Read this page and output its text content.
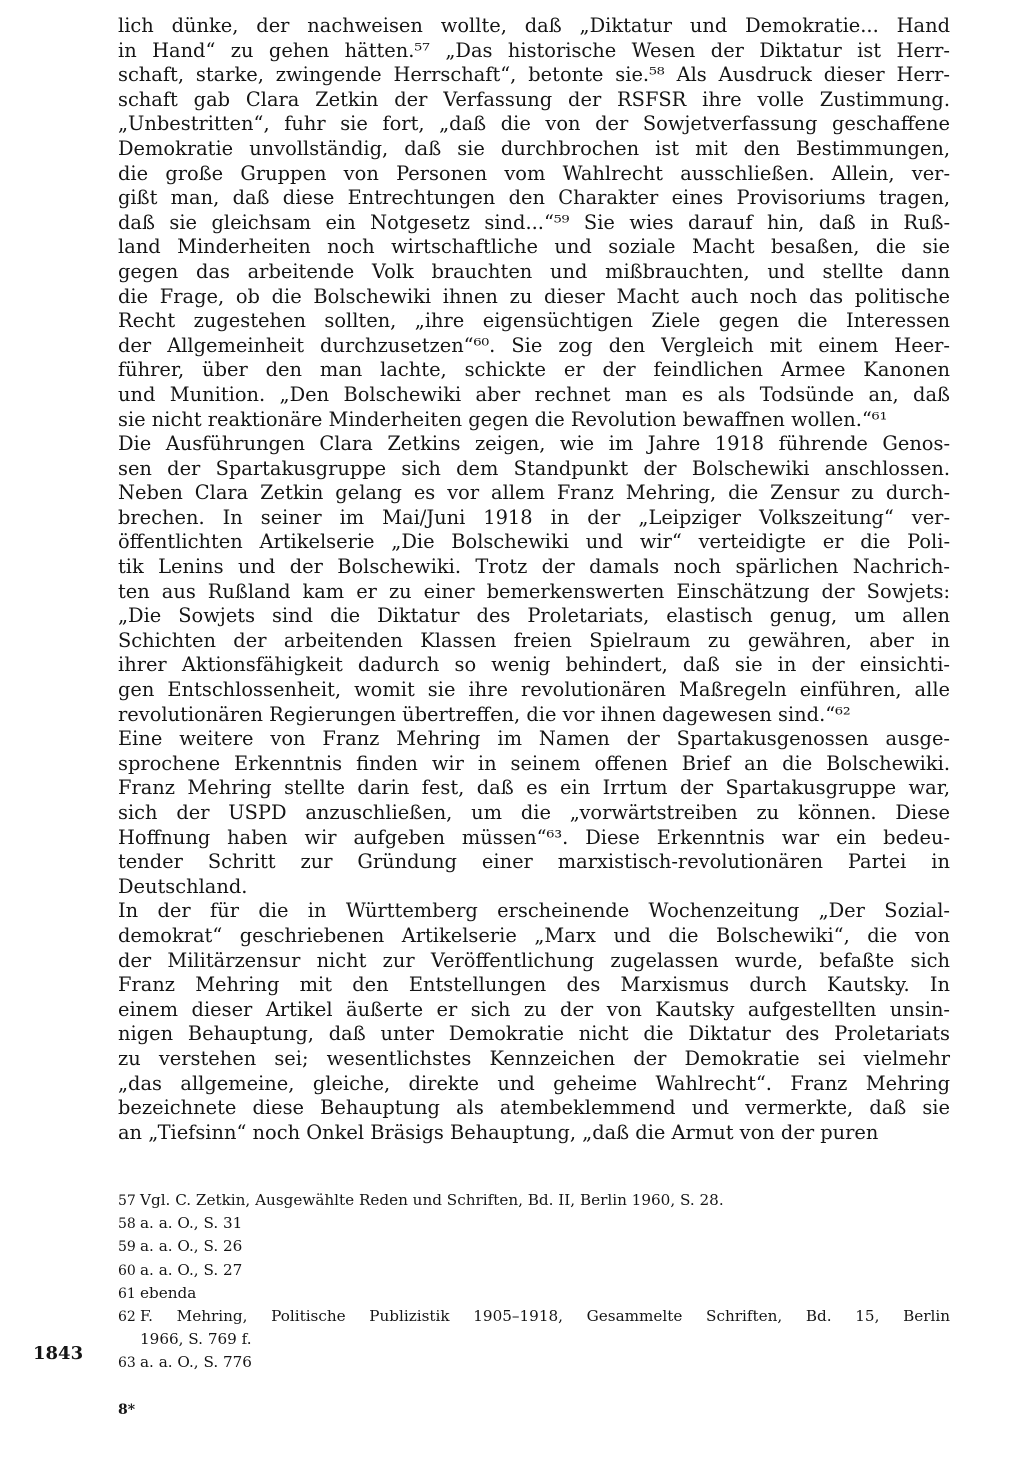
lich dünke, der nachweisen wollte, daß „Diktatur und Demokratie... Hand
in Hand“ zu gehen hätten.⁵⁷ „Das historische Wesen der Diktatur ist Herr-
schaft, starke, zwingende Herrschaft“, betonte sie.⁵⁸ Als Ausdruck dieser Herr-
schaft gab Clara Zetkin der Verfassung der RSFSR ihre volle Zustimmung.
„Unbestritten“, fuhr sie fort, „daß die von der Sowjetverfassung geschaffene
Demokratie unvollständig, daß sie durchbrochen ist mit den Bestimmungen,
die große Gruppen von Personen vom Wahlrecht ausschließen. Allein, ver-
gißt man, daß diese Entrechtungen den Charakter eines Provisoriums tragen,
daß sie gleichsam ein Notgesetz sind...“⁵⁹ Sie wies darauf hin, daß in Ruß-
land Minderheiten noch wirtschaftliche und soziale Macht besaßen, die sie
gegen das arbeitende Volk brauchten und mißbrauchten, und stellte dann
die Frage, ob die Bolschewiki ihnen zu dieser Macht auch noch das politische
Recht zugestehen sollten, „ihre eigensüchtigen Ziele gegen die Interessen
der Allgemeinheit durchzusetzen“⁶⁰. Sie zog den Vergleich mit einem Heer-
führer, über den man lachte, schickte er der feindlichen Armee Kanonen
und Munition. „Den Bolschewiki aber rechnet man es als Todsünde an, daß
sie nicht reaktionäre Minderheiten gegen die Revolution bewaffnen wollen.“⁶¹
Die Ausführungen Clara Zetkins zeigen, wie im Jahre 1918 führende Genos-
sen der Spartakusgruppe sich dem Standpunkt der Bolschewiki anschlossen.
Neben Clara Zetkin gelang es vor allem Franz Mehring, die Zensur zu durch-
brechen. In seiner im Mai/Juni 1918 in der „Leipziger Volkszeitung“ ver-
öffentlichten Artikelserie „Die Bolschewiki und wir“ verteidigte er die Poli-
tik Lenins und der Bolschewiki. Trotz der damals noch spärlichen Nachrich-
ten aus Rußland kam er zu einer bemerkenswerten Einschätzung der Sowjets:
„Die Sowjets sind die Diktatur des Proletariats, elastisch genug, um allen
Schichten der arbeitenden Klassen freien Spielraum zu gewähren, aber in
ihrer Aktionsfähigkeit dadurch so wenig behindert, daß sie in der einsichti-
gen Entschlossenheit, womit sie ihre revolutionären Maßregeln einführen, alle
revolutionären Regierungen übertreffen, die vor ihnen dagewesen sind.“⁶²
Eine weitere von Franz Mehring im Namen der Spartakusgenossen ausge-
sprochene Erkenntnis finden wir in seinem offenen Brief an die Bolschewiki.
Franz Mehring stellte darin fest, daß es ein Irrtum der Spartakusgruppe war,
sich der USPD anzuschließen, um die „vorwärtstreiben zu können. Diese
Hoffnung haben wir aufgeben müssen“⁶³. Diese Erkenntnis war ein bedeu-
tender Schritt zur Gründung einer marxistisch-revolutionären Partei in
Deutschland.
In der für die in Württemberg erscheinende Wochenzeitung „Der Sozial-
demokrat“ geschriebenen Artikelserie „Marx und die Bolschewiki“, die von
der Militärzensur nicht zur Veröffentlichung zugelassen wurde, befaßte sich
Franz Mehring mit den Entstellungen des Marxismus durch Kautsky. In
einem dieser Artikel äußerte er sich zu der von Kautsky aufgestellten unsin-
nigen Behauptung, daß unter Demokratie nicht die Diktatur des Proletariats
zu verstehen sei; wesentlichstes Kennzeichen der Demokratie sei vielmehr
„das allgemeine, gleiche, direkte und geheime Wahlrecht“. Franz Mehring
bezeichnete diese Behauptung als atembeklemmend und vermerkte, daß sie
an „Tiefsinn“ noch Onkel Bräsigs Behauptung, „daß die Armut von der puren
57 Vgl. C. Zetkin, Ausgewählte Reden und Schriften, Bd. II, Berlin 1960, S. 28.
58 a. a. O., S. 31
59 a. a. O., S. 26
60 a. a. O., S. 27
61 ebenda
62 F. Mehring, Politische Publizistik 1905–1918, Gesammelte Schriften, Bd. 15, Berlin
1966, S. 769 f.
63 a. a. O., S. 776
1843
8*
